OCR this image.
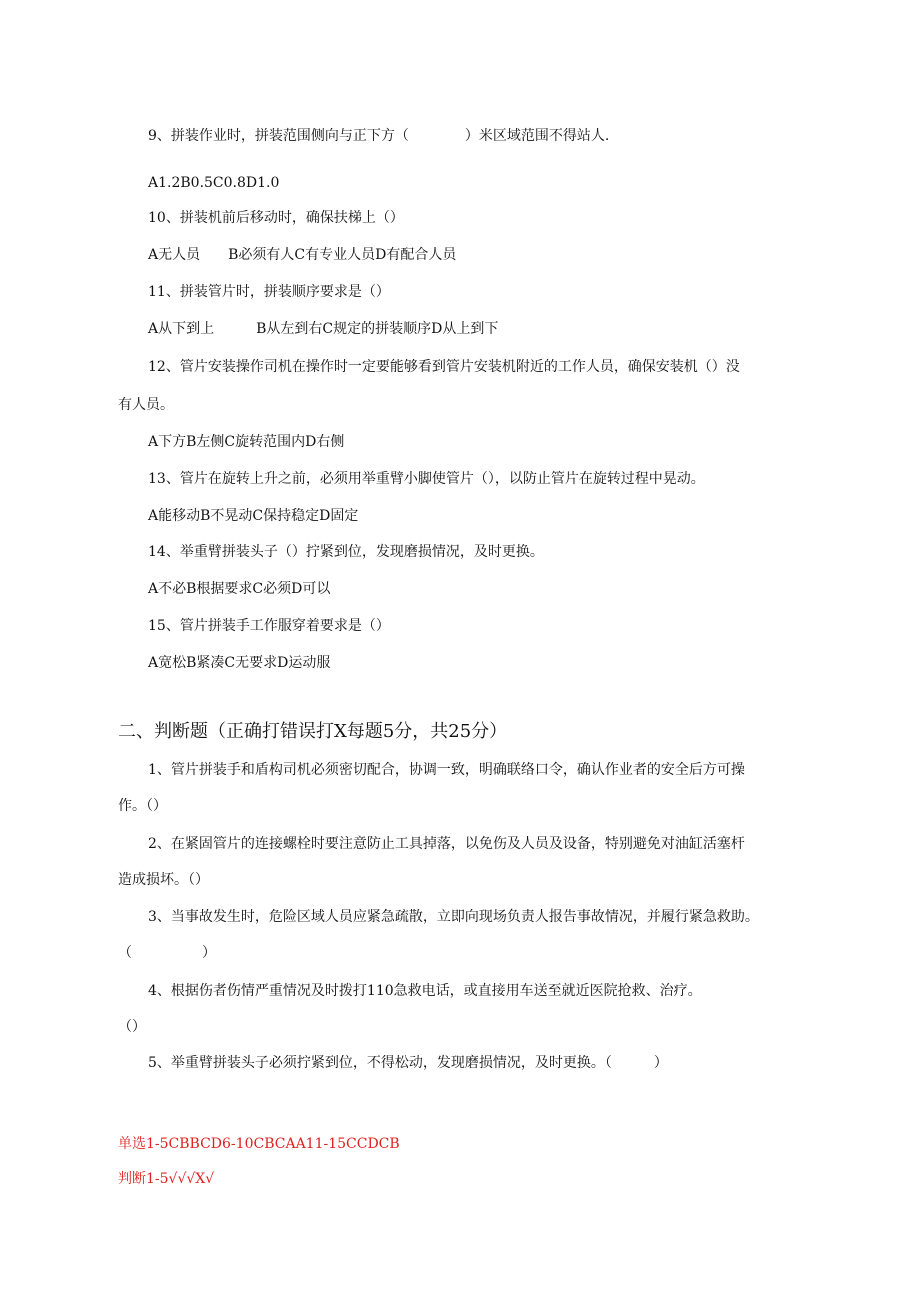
9、拼装作业时，拼装范围侧向与正下方（　　　　）米区域范围不得站人.
A1.2B0.5C0.8D1.0
10、拼装机前后移动时，确保扶梯上（）
A无人员　　B必须有人C有专业人员D有配合人员
11、拼装管片时，拼装顺序要求是（）
A从下到上　　　B从左到右C规定的拼装顺序D从上到下
12、管片安装操作司机在操作时一定要能够看到管片安装机附近的工作人员，确保安装机（）没
有人员。
A下方B左侧C旋转范围内D右侧
13、管片在旋转上升之前，必须用举重臂小脚使管片（），以防止管片在旋转过程中晃动。
A能移动B不晃动C保持稳定D固定
14、举重臂拼装头子（）拧紧到位，发现磨损情况，及时更换。
A不必B根据要求C必须D可以
15、管片拼装手工作服穿着要求是（）
A宽松B紧凑C无要求D运动服
二、判断题（正确打错误打X每题5分，共25分）
1、管片拼装手和盾构司机必须密切配合，协调一致，明确联络口令，确认作业者的安全后方可操
作。（）
2、在紧固管片的连接螺栓时要注意防止工具掉落，以免伤及人员及设备，特别避免对油缸活塞杆
造成损坏。（）
3、当事故发生时，危险区域人员应紧急疏散，立即向现场负责人报告事故情况，并履行紧急救助。
（　　　　　）
4、根据伤者伤情严重情况及时拨打110急救电话，或直接用车送至就近医院抢救、治疗。
（）
5、举重臂拼装头子必须拧紧到位，不得松动，发现磨损情况，及时更换。（　　　）
单选1-5CBBCD6-10CBCAA11-15CCDCB
判断1-5√√√X√
